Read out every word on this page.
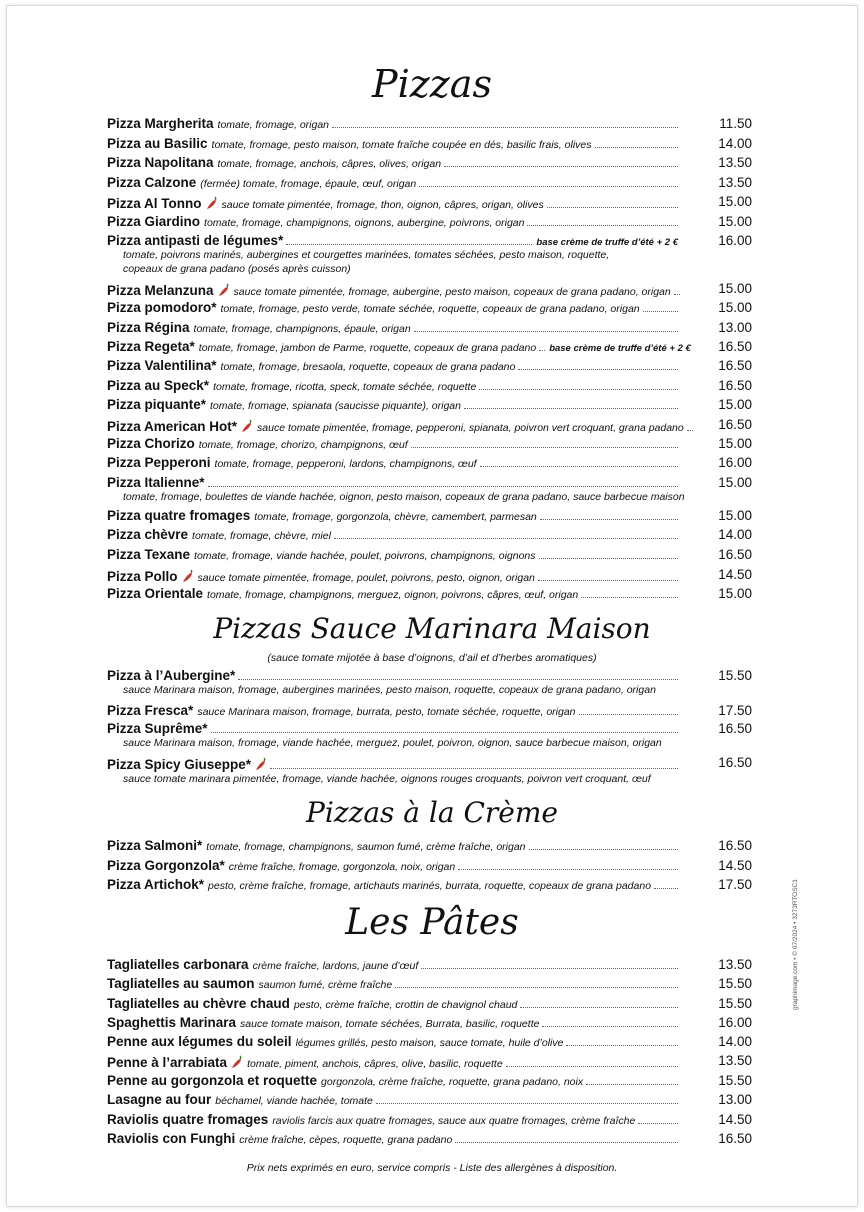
Pizzas
Pizzas Sauce Marinara Maison
(sauce tomate mijotée à base d’oignons, d’ail et d’herbes aromatiques)
Pizzas à la Crème
Les Pâtes
Prix nets exprimés en euro, service compris - Liste des allergènes à disposition.
graphimage.com • © 07/2024 • 3273RTOSC1
Pizza Margherita tomate, fromage, origan	11.50
Pizza au Basilic tomate, fromage, pesto maison, tomate fraîche coupée en dés, basilic frais, olives	14.00
Pizza Napolitana tomate, fromage, anchois, câpres, olives, origan	13.50
Pizza Calzone (fermée) tomate, fromage, épaule, œuf, origan	13.50
Pizza Al Tonno sauce tomate pimentée, fromage, thon, oignon, câpres, origan, olives	15.00
Pizza Giardino tomate, fromage, champignons, oignons, aubergine, poivrons, origan	15.00
Pizza antipasti de légumes*	base crème de truffe d’été + 2 €	16.00
tomate, poivrons marinés, aubergines et courgettes marinées, tomates séchées, pesto maison, roquette,
copeaux de grana padano (posés après cuisson)
Pizza Melanzuna sauce tomate pimentée, fromage, aubergine, pesto maison, copeaux de grana padano, origan	15.00
Pizza pomodoro* tomate, fromage, pesto verde, tomate séchée, roquette, copeaux de grana padano, origan	15.00
Pizza Régina tomate, fromage, champignons, épaule, origan	13.00
Pizza Regeta* tomate, fromage, jambon de Parme, roquette, copeaux de grana padano base crème de truffe d’été + 2 €	16.50
Pizza Valentilina* tomate, fromage, bresaola, roquette, copeaux de grana padano	16.50
Pizza au Speck* tomate, fromage, ricotta, speck, tomate séchée, roquette	16.50
Pizza piquante* tomate, fromage, spianata (saucisse piquante), origan	15.00
Pizza American Hot* sauce tomate pimentée, fromage, pepperoni, spianata, poivron vert croquant, grana padano	16.50
Pizza Chorizo tomate, fromage, chorizo, champignons, œuf	15.00
Pizza Pepperoni tomate, fromage, pepperoni, lardons, champignons, œuf	16.00
Pizza Italienne*	15.00
tomate, fromage, boulettes de viande hachée, oignon, pesto maison, copeaux de grana padano, sauce barbecue maison
Pizza quatre fromages tomate, fromage, gorgonzola, chèvre, camembert, parmesan	15.00
Pizza chèvre tomate, fromage, chèvre, miel	14.00
Pizza Texane tomate, fromage, viande hachée, poulet, poivrons, champignons, oignons	16.50
Pizza Pollo sauce tomate pimentée, fromage, poulet, poivrons, pesto, oignon, origan	14.50
Pizza Orientale tomate, fromage, champignons, merguez, oignon, poivrons, câpres, œuf, origan	15.00
Pizza à l’Aubergine*	15.50
sauce Marinara maison, fromage, aubergines marinées, pesto maison, roquette, copeaux de grana padano, origan
Pizza Fresca* sauce Marinara maison, fromage, burrata, pesto, tomate séchée, roquette, origan	17.50
Pizza Suprême*	16.50
sauce Marinara maison, fromage, viande hachée, merguez, poulet, poivron, oignon, sauce barbecue maison, origan
Pizza Spicy Giuseppe*	16.50
sauce tomate marinara pimentée, fromage, viande hachée, oignons rouges croquants, poivron vert croquant, œuf
Pizza Salmoni* tomate, fromage, champignons, saumon fumé, crème fraîche, origan	16.50
Pizza Gorgonzola* crème fraîche, fromage, gorgonzola, noix, origan	14.50
Pizza Artichok* pesto, crème fraîche, fromage, artichauts marinés, burrata, roquette, copeaux de grana padano	17.50
Tagliatelles carbonara crème fraîche, lardons, jaune d’œuf	13.50
Tagliatelles au saumon saumon fumé, crème fraîche	15.50
Tagliatelles au chèvre chaud pesto, crème fraîche, crottin de chavignol chaud	15.50
Spaghettis Marinara sauce tomate maison, tomate séchées, Burrata, basilic, roquette	16.00
Penne aux légumes du soleil légumes grillés, pesto maison, sauce tomate, huile d’olive	14.00
Penne à l’arrabiata tomate, piment, anchois, câpres, olive, basilic, roquette	13.50
Penne au gorgonzola et roquette gorgonzola, crème fraîche, roquette, grana padano, noix	15.50
Lasagne au four béchamel, viande hachée, tomate	13.00
Raviolis quatre fromages raviolis farcis aux quatre fromages, sauce aux quatre fromages, crème fraîche	14.50
Raviolis con Funghi crème fraîche, cèpes, roquette, grana padano	16.50
